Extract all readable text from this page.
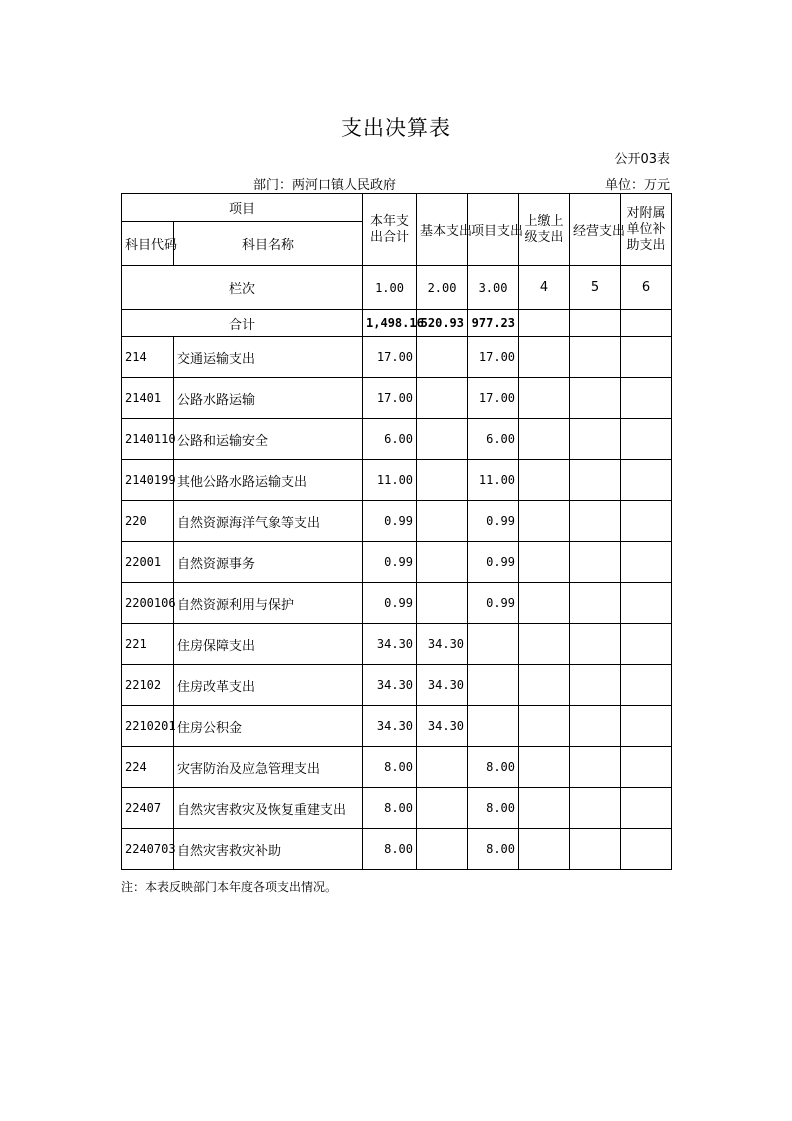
支出决算表
公开03表
部门：两河口镇人民政府	单位：万元
项目		本年支出合计	基本支出	项目支出	上缴上级支出	经营支出	对附属单位补助支出
科目代码	科目名称						
栏次		1.00	2.00	3.00	4	5	6
合计		1,498.16	520.93	977.23			
214	交通运输支出	17.00		17.00			
21401	公路水路运输	17.00		17.00			
2140110	公路和运输安全	6.00		6.00			
2140199	其他公路水路运输支出	11.00		11.00			
220	自然资源海洋气象等支出	0.99		0.99			
22001	自然资源事务	0.99		0.99			
2200106	自然资源利用与保护	0.99		0.99			
221	住房保障支出	34.30	34.30				
22102	住房改革支出	34.30	34.30				
2210201	住房公积金	34.30	34.30				
224	灾害防治及应急管理支出	8.00		8.00			
22407	自然灾害救灾及恢复重建支出	8.00		8.00			
2240703	自然灾害救灾补助	8.00		8.00			
注：本表反映部门本年度各项支出情况。
